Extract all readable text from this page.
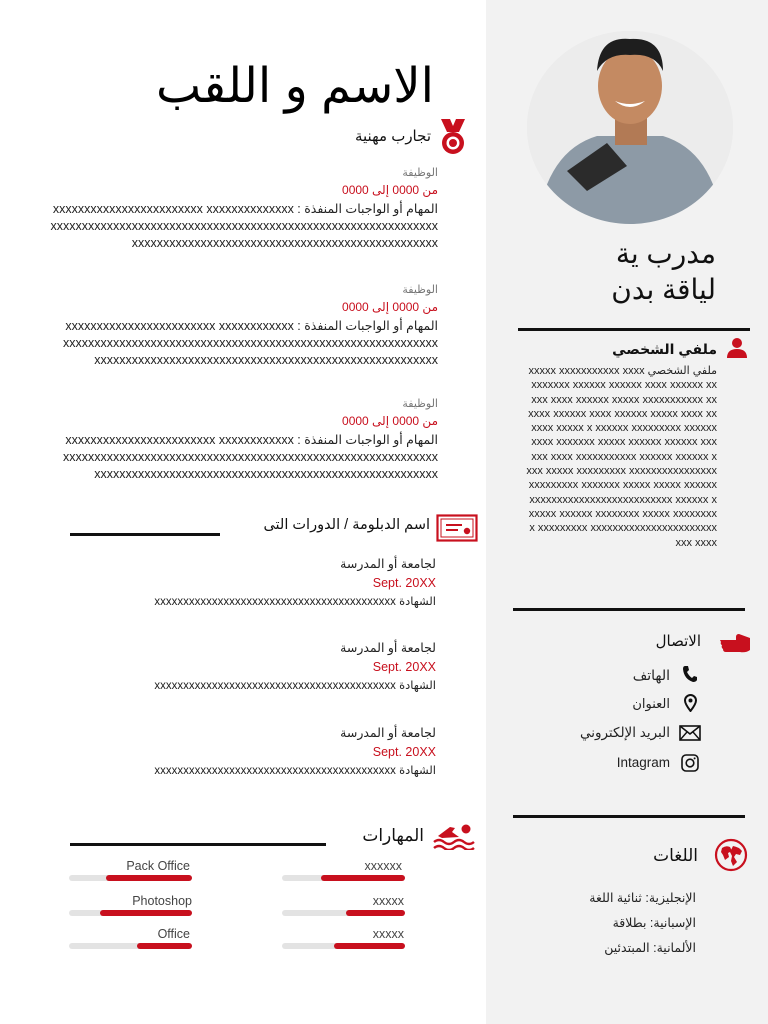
الاسم و اللقب
مدرب ية
لياقة بدن
ملفي الشخصي
ملفي الشخصي xxxxx xxxxxxxxxxx xxxxxxxxxxx xxxxxx xxxxxx xxxx xxxxxx xxxxx xxxx xxxxxx xxxxx xxxxxxxxxxx xxxxxx xxxxxx xxxx xxxxxx xxxxx xxxx xxxxxx xxxxx x xxxxxx xxxxxxxxx xxxxxxxxxx xxxxxxx xxxxx xxxxxx xxxxxx xxxxxx xxxx xxxxxxxxxxx xxxxxx xxxxxx xxxx xxxxx xxxxxxxxx xxxxxxxxxxxxxxxxxxxxxxxxx xxxxxxx xxxxx xxxxx xxxxxx xxxxxxxxxxxxxxxxxxxxxxxxxx xxxxxx xxxxxx xxxxxx xxxxxxxx xxxxx xxxxxxxxx xxxxxxxxx xxxxxxxxxxxxxxxxxxxxxxxxxx xxxx
الاتصال
الهاتف
العنوان
البريد الإلكتروني
Intagram
اللغات
الإنجليزية: ثنائية اللغة
الإسبانية: بطلاقة
الألمانية: المبتدئين
تجارب مهنية
الوظيفة
من 0000 إلى 0000
المهام أو الواجبات المنفذة : xxxxxxxxxxxxxxxxxxxxxxxx xxxxxxxxxxxxxxxxxxxxxxxxxxxxxxxxxxxxxxxxxxxxxxxxxxxxxxxxxxxxxxxxxxxxxxxxxxxxxxxxxxxxxxxxxxxxxxxxxxxxxxxxxxxxxxxxxxxxxxxxxxxxx
الوظيفة
من 0000 إلى 0000
المهام أو الواجبات المنفذة : xxxxxxxxxxxxxxxxxxxxxxxx xxxxxxxxxxxxxxxxxxxxxxxxxxxxxxxxxxxxxxxxxxxxxxxxxxxxxxxxxxxxxxxxxxxxxxxxxxxxxxxxxxxxxxxxxxxxxxxxxxxxxxxxxxxxxxxxxxxxxxxxxxxxxxx
الوظيفة
من 0000 إلى 0000
المهام أو الواجبات المنفذة : xxxxxxxxxxxxxxxxxxxxxxxx xxxxxxxxxxxxxxxxxxxxxxxxxxxxxxxxxxxxxxxxxxxxxxxxxxxxxxxxxxxxxxxxxxxxxxxxxxxxxxxxxxxxxxxxxxxxxxxxxxxxxxxxxxxxxxxxxxxxxxxxxxxxxxx
اسم الدبلومة / الدورات التى
لجامعة أو المدرسة
Sept. 20XX
الشهادة xxxxxxxxxxxxxxxxxxxxxxxxxxxxxxxxxxxxxxxxxx
لجامعة أو المدرسة
Sept. 20XX
الشهادة xxxxxxxxxxxxxxxxxxxxxxxxxxxxxxxxxxxxxxxxxx
لجامعة أو المدرسة
Sept. 20XX
الشهادة xxxxxxxxxxxxxxxxxxxxxxxxxxxxxxxxxxxxxxxxxx
المهارات
Pack Office
Photoshop
Office
xxxxxx
xxxxx
xxxxx
